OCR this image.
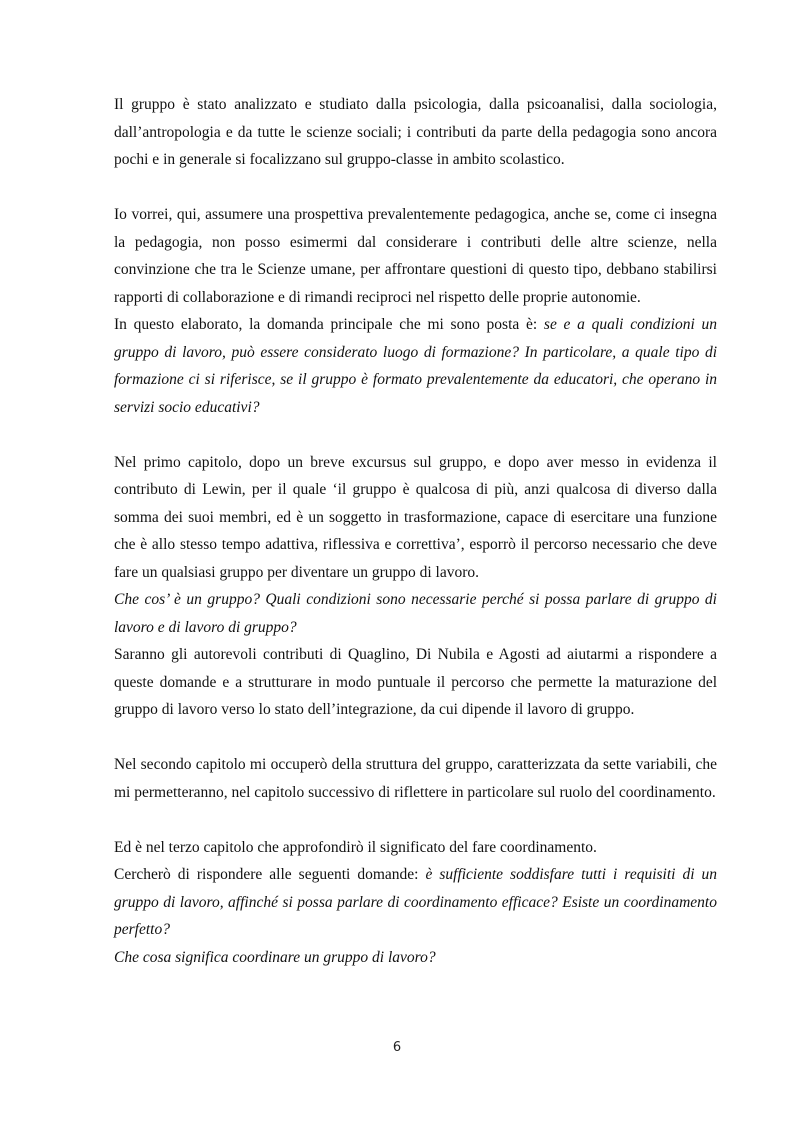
Il gruppo è stato analizzato e studiato dalla psicologia, dalla psicoanalisi, dalla sociologia, dall’antropologia e da tutte le scienze sociali; i contributi da parte della pedagogia sono ancora pochi e in generale si focalizzano sul gruppo-classe in ambito scolastico.

Io vorrei, qui, assumere una prospettiva prevalentemente pedagogica, anche se, come ci insegna la pedagogia, non posso esimermi dal considerare i contributi delle altre scienze, nella convinzione che tra le Scienze umane, per affrontare questioni di questo tipo, debbano stabilirsi rapporti di collaborazione e di rimandi reciproci nel rispetto delle proprie autonomie.

In questo elaborato, la domanda principale che mi sono posta è: se e a quali condizioni un gruppo di lavoro, può essere considerato luogo di formazione? In particolare, a quale tipo di formazione ci si riferisce, se il gruppo è formato prevalentemente da educatori, che operano in servizi socio educativi?

Nel primo capitolo, dopo un breve excursus sul gruppo, e dopo aver messo in evidenza il contributo di Lewin, per il quale ‘il gruppo è qualcosa di più, anzi qualcosa di diverso dalla somma dei suoi membri, ed è un soggetto in trasformazione, capace di esercitare una funzione che è allo stesso tempo adattiva, riflessiva e correttiva’, esporrò il percorso necessario che deve fare un qualsiasi gruppo per diventare un gruppo di lavoro.

Che cos’ è un gruppo? Quali condizioni sono necessarie perché si possa parlare di gruppo di lavoro e di lavoro di gruppo?

Saranno gli autorevoli contributi di Quaglino, Di Nubila e Agosti ad aiutarmi a rispondere a queste domande e a strutturare in modo puntuale il percorso che permette la maturazione del gruppo di lavoro verso lo stato dell’integrazione, da cui dipende il lavoro di gruppo.

Nel secondo capitolo mi occuperò della struttura del gruppo, caratterizzata da sette variabili, che mi permetteranno, nel capitolo successivo di riflettere in particolare sul ruolo del coordinamento.

Ed è nel terzo capitolo che approfondirò il significato del fare coordinamento.

Cercherò di rispondere alle seguenti domande: è sufficiente soddisfare tutti i requisiti di un gruppo di lavoro, affinché si possa parlare di coordinamento efficace? Esiste un coordinamento perfetto?

Che cosa significa coordinare un gruppo di lavoro?

6
